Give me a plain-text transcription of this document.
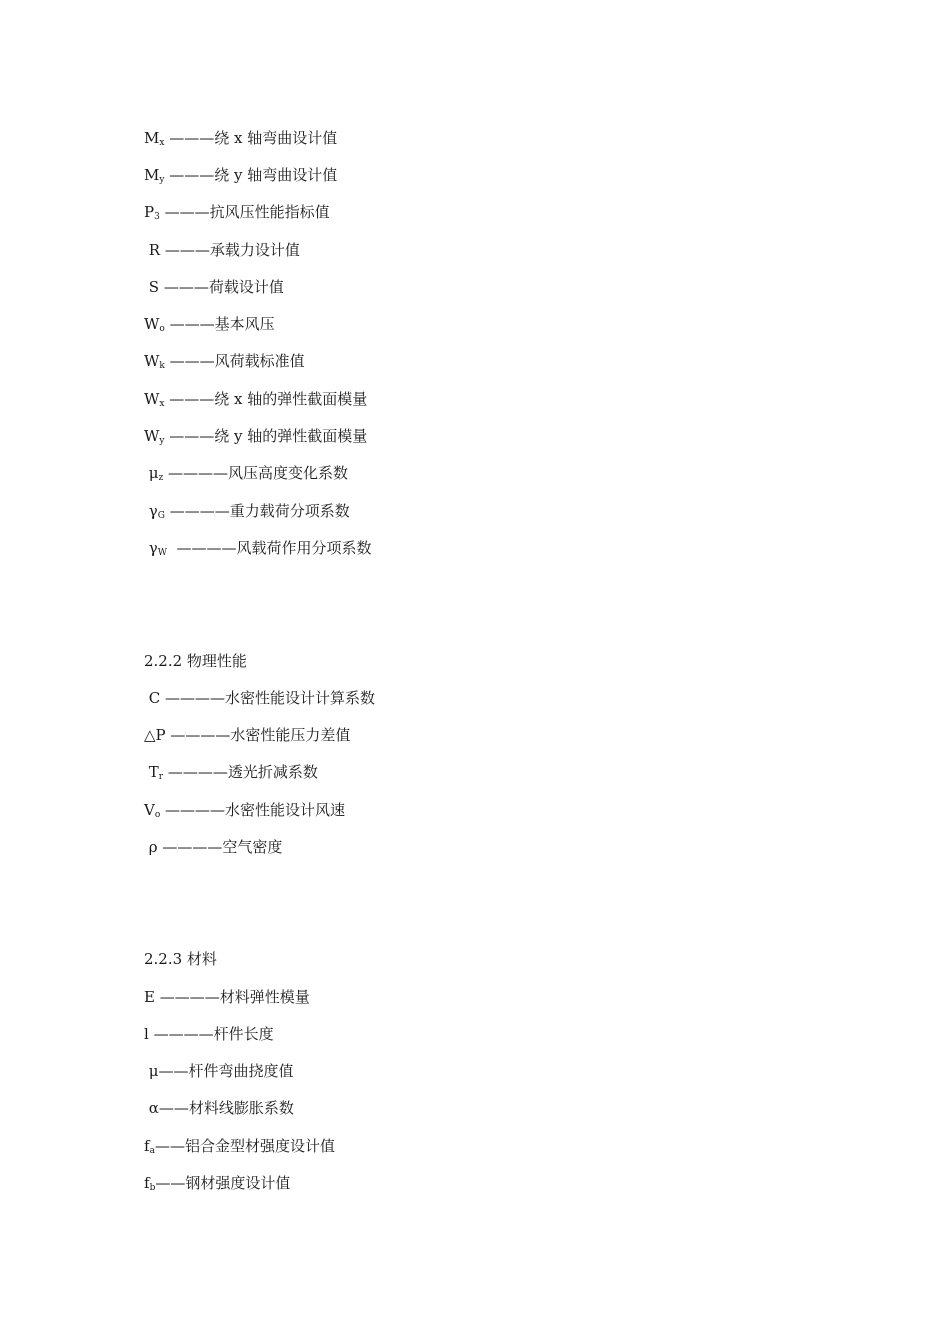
$M_x$ ———绕 x 轴弯曲设计值
$M_y$ ———绕 y 轴弯曲设计值
$P_3$ ———抗风压性能指标值
R ———承载力设计值
S ———荷载设计值
$W_o$ ———基本风压
$W_k$ ———风荷载标准值
$W_x$ ———绕 x 轴的弹性截面模量
$W_y$ ———绕 y 轴的弹性截面模量
$\mu_z$ ————风压高度变化系数
$\gamma_G$ ————重力载荷分项系数
$\gamma_W$  ————风载荷作用分项系数
2.2.2 物理性能
C ————水密性能设计计算系数
△P ————水密性能压力差值
$T_r$ ————透光折减系数
$V_o$ ————水密性能设计风速
ρ ————空气密度
2.2.3 材料
E ————材料弹性模量
l ————杆件长度
μ——杆件弯曲挠度值
α——材料线膨胀系数
$f_a——$铝合金型材强度设计值
$f_b——$钢材强度设计值
